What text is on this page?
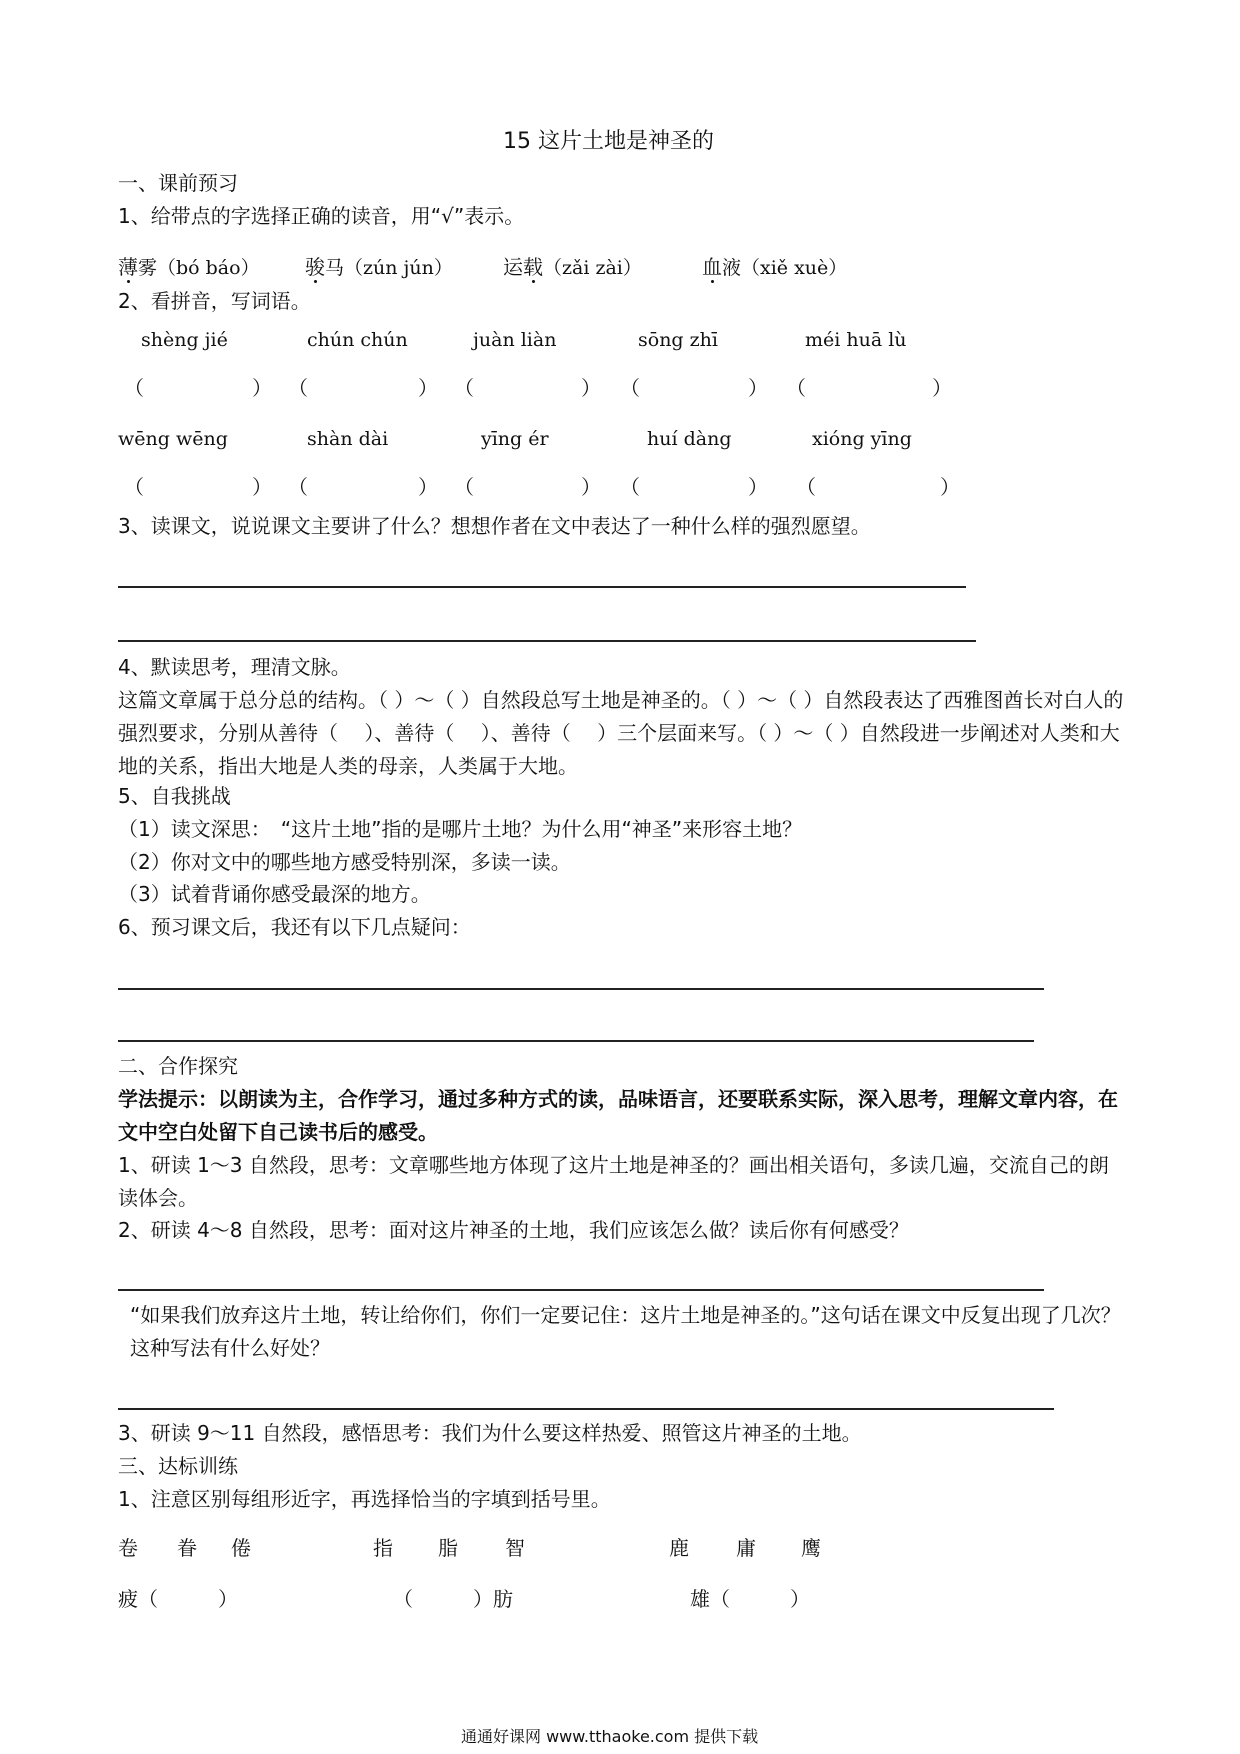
15 这片土地是神圣的
一、课前预习
1、给带点的字选择正确的读音，用“√”表示。
薄雾（bó báo） 骏马（zún jún）	运载（zǎi zài）	血液（xiě xuè）
2、看拼音，写词语。
shèng jié	chún chún	juàn liàn	sōng zhī	méi huā lù
（	） （	） （	） （	） （	）
wēng wēng	shàn dài	yīng ér	huí dàng	xióng yīng
（	） （	） （	） （	） （	）
3、读课文，说说课文主要讲了什么？想想作者在文中表达了一种什么样的强烈愿望。
4、默读思考，理清文脉。
这篇文章属于总分总的结构。（ ）～（ ）自然段总写土地是神圣的。（ ）～（ ）自然段表达了西雅图酋长对白人的强烈要求，分别从善待（　 ）、善待（　 ）、善待（　 ）三个层面来写。（ ）～（ ）自然段进一步阐述对人类和大地的关系，指出大地是人类的母亲，人类属于大地。
5、自我挑战
（1）读文深思：　“这片土地”指的是哪片土地？为什么用“神圣”来形容土地？
（2）你对文中的哪些地方感受特别深，多读一读。
（3）试着背诵你感受最深的地方。
6、预习课文后，我还有以下几点疑问：
二、合作探究
学法提示：以朗读为主，合作学习，通过多种方式的读，品味语言，还要联系实际，深入思考，理解文章内容，在文中空白处留下自己读书后的感受。
1、研读 1～3 自然段，思考：文章哪些地方体现了这片土地是神圣的？画出相关语句，多读几遍，交流自己的朗读体会。
2、研读 4～8 自然段，思考：面对这片神圣的土地，我们应该怎么做？读后你有何感受？
“如果我们放弃这片土地，转让给你们，你们一定要记住：这片土地是神圣的。”这句话在课文中反复出现了几次？这种写法有什么好处？
3、研读 9～11 自然段，感悟思考：我们为什么要这样热爱、照管这片神圣的土地。
三、达标训练
1、注意区别每组形近字，再选择恰当的字填到括号里。
卷 眷 倦	指 脂 智	鹿 庸 鹰
疲（　　　）	（　　　）肪	雄（　　　）
通通好课网 www.tthaoke.com 提供下载
